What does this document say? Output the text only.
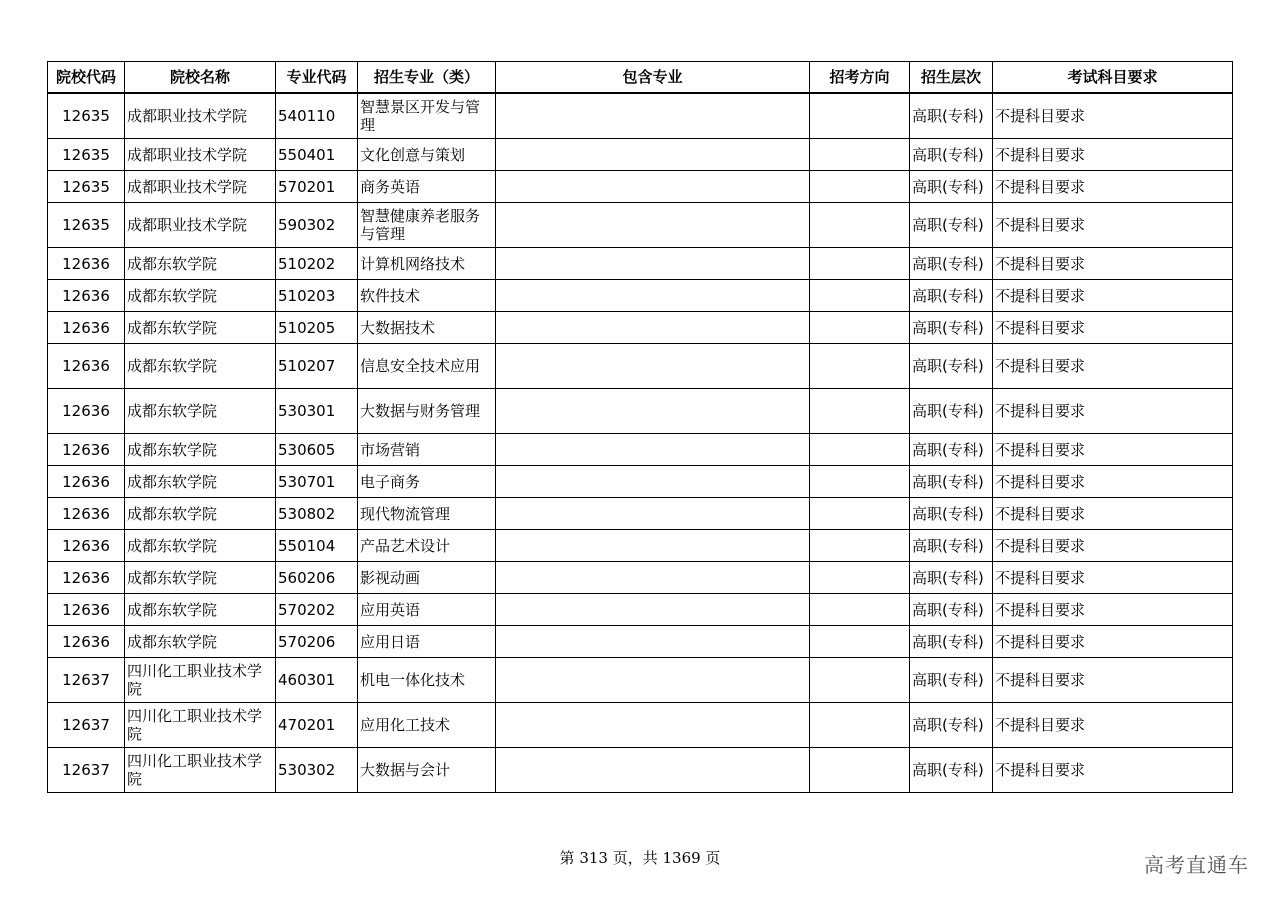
院校代码	院校名称	专业代码	招生专业（类）	包含专业	招考方向	招生层次	考试科目要求
12635	成都职业技术学院	540110	智慧景区开发与管理			高职(专科)	不提科目要求
12635	成都职业技术学院	550401	文化创意与策划			高职(专科)	不提科目要求
12635	成都职业技术学院	570201	商务英语			高职(专科)	不提科目要求
12635	成都职业技术学院	590302	智慧健康养老服务与管理			高职(专科)	不提科目要求
12636	成都东软学院	510202	计算机网络技术			高职(专科)	不提科目要求
12636	成都东软学院	510203	软件技术			高职(专科)	不提科目要求
12636	成都东软学院	510205	大数据技术			高职(专科)	不提科目要求
12636	成都东软学院	510207	信息安全技术应用			高职(专科)	不提科目要求
12636	成都东软学院	530301	大数据与财务管理			高职(专科)	不提科目要求
12636	成都东软学院	530605	市场营销			高职(专科)	不提科目要求
12636	成都东软学院	530701	电子商务			高职(专科)	不提科目要求
12636	成都东软学院	530802	现代物流管理			高职(专科)	不提科目要求
12636	成都东软学院	550104	产品艺术设计			高职(专科)	不提科目要求
12636	成都东软学院	560206	影视动画			高职(专科)	不提科目要求
12636	成都东软学院	570202	应用英语			高职(专科)	不提科目要求
12636	成都东软学院	570206	应用日语			高职(专科)	不提科目要求
12637	四川化工职业技术学院	460301	机电一体化技术			高职(专科)	不提科目要求
12637	四川化工职业技术学院	470201	应用化工技术			高职(专科)	不提科目要求
12637	四川化工职业技术学院	530302	大数据与会计			高职(专科)	不提科目要求
第 313 页，共 1369 页	高考直通车
